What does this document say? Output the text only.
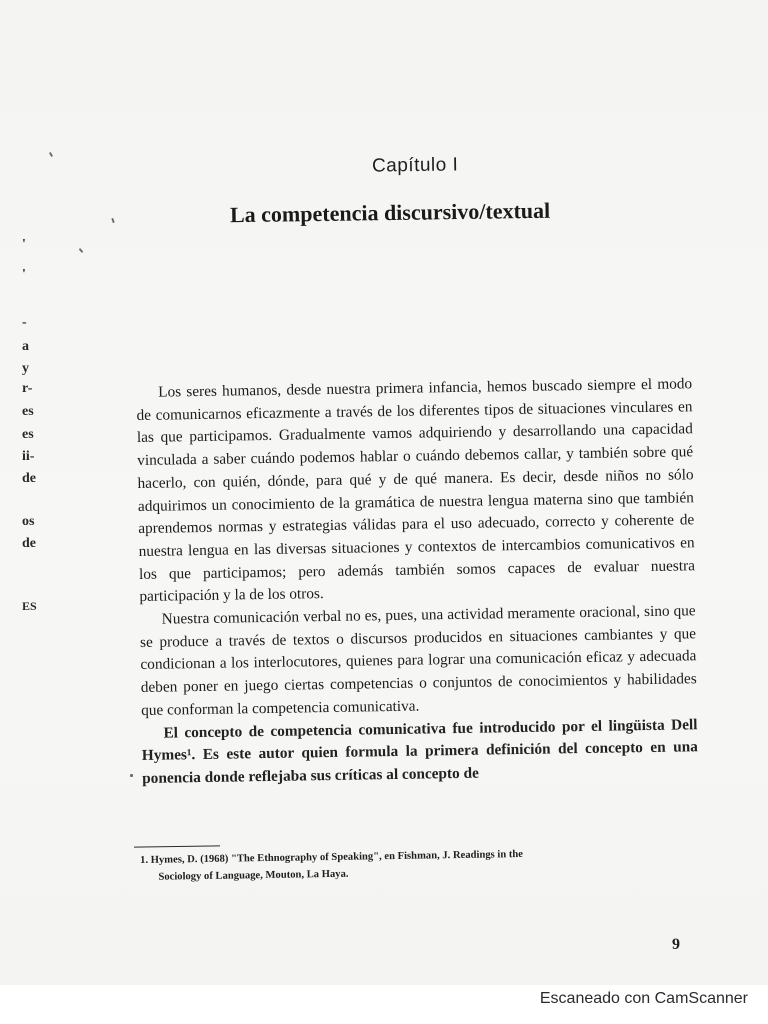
'
'
-
a
y
r-
es
es
ii-
de
os
de
ES
Capítulo I
La competencia discursivo/textual

Los seres humanos, desde nuestra primera infancia, hemos buscado siempre el modo de comunicarnos eficazmente a través de los diferentes tipos de situaciones vinculares en las que participamos. Gradualmente vamos adquiriendo y desarrollando una capacidad vinculada a saber cuándo podemos hablar o cuándo debemos callar, y también sobre qué hacerlo, con quién, dónde, para qué y de qué manera. Es decir, desde niños no sólo adquirimos un conocimiento de la gramática de nuestra lengua materna sino que también aprendemos normas y estrategias válidas para el uso adecuado, correcto y coherente de nuestra lengua en las diversas situaciones y contextos de intercambios comunicativos en los que participamos; pero además también somos capaces de evaluar nuestra participación y la de los otros.

Nuestra comunicación verbal no es, pues, una actividad meramente oracional, sino que se produce a través de textos o discursos producidos en situaciones cambiantes y que condicionan a los interlocutores, quienes para lograr una comunicación eficaz y adecuada deben poner en juego ciertas competencias o conjuntos de conocimientos y habilidades que conforman la competencia comunicativa.

El concepto de competencia comunicativa fue introducido por el lingüista Dell Hymes¹. Es este autor quien formula la primera definición del concepto en una ponencia donde reflejaba sus críticas al concepto de

1. Hymes, D. (1968) "The Ethnography of Speaking", en Fishman, J. Readings in the
Sociology of Language, Mouton, La Haya.
9
Escaneado con CamScanner
